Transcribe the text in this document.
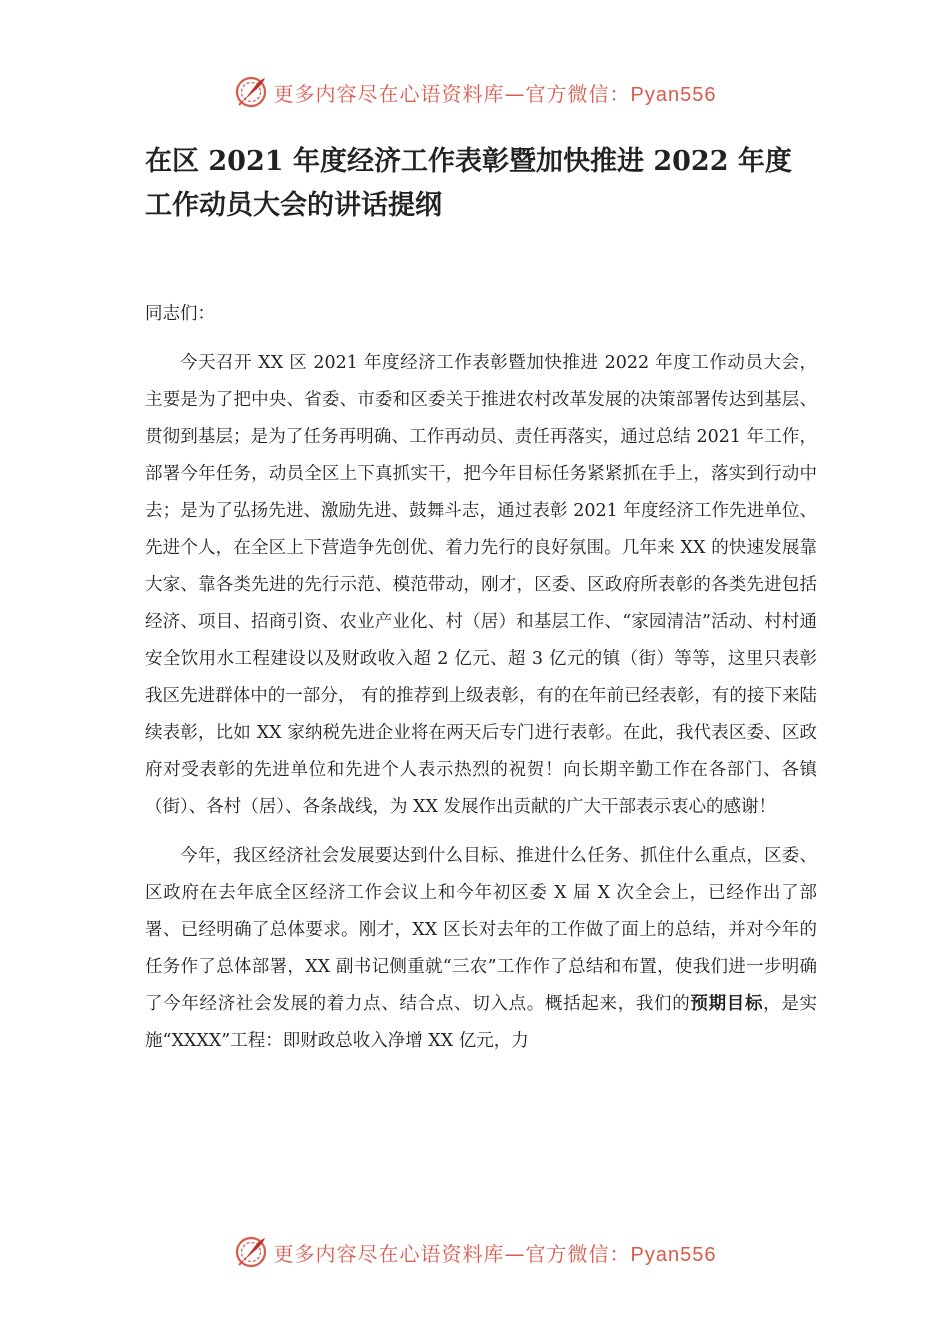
更多内容尽在心语资料库—官方微信：Pyan556
在区 2021 年度经济工作表彰暨加快推进 2022 年度工作动员大会的讲话提纲

同志们：

今天召开 XX 区 2021 年度经济工作表彰暨加快推进 2022 年度工作动员大会， 主要是为了把中央、省委、市委和区委关于推进农村改革发展的决策部署传达到基层、贯彻到基层；是为了任务再明确、工作再动员、责任再落实，通过总结 2021 年工作，部署今年任务，动员全区上下真抓实干，把今年目标任务紧紧抓在手上，落实到行动中去；是为了弘扬先进、激励先进、鼓舞斗志，通过表彰 2021 年度经济工作先进单位、先进个人，在全区上下营造争先创优、着力先行的良好氛围。几年来 XX 的快速发展靠大家、靠各类先进的先行示范、模范带动，刚才，区委、区政府所表彰的各类先进包括经济、项目、招商引资、农业产业化、村（居）和基层工作、“家园清洁”活动、村村通安全饮用水工程建设以及财政收入超 2 亿元、超 3 亿元的镇（街）等等，这里只表彰我区先进群体中的一部分， 有的推荐到上级表彰，有的在年前已经表彰，有的接下来陆续表彰，比如 XX 家纳税先进企业将在两天后专门进行表彰。在此，我代表区委、区政府对受表彰的先进单位和先进个人表示热烈的祝贺！向长期辛勤工作在各部门、各镇（街）、各村（居）、各条战线，为 XX 发展作出贡献的广大干部表示衷心的感谢！

今年，我区经济社会发展要达到什么目标、推进什么任务、抓住什么重点，区委、区政府在去年底全区经济工作会议上和今年初区委 X 届 X 次全会上，已经作出了部署、已经明确了总体要求。刚才，XX 区长对去年的工作做了面上的总结，并对今年的任务作了总体部署，XX 副书记侧重就“三农”工作作了总结和布置，使我们进一步明确了今年经济社会发展的着力点、结合点、切入点。概括起来，我们的预期目标，是实施“XXXX”工程：即财政总收入净增 XX 亿元，力

更多内容尽在心语资料库—官方微信：Pyan556
